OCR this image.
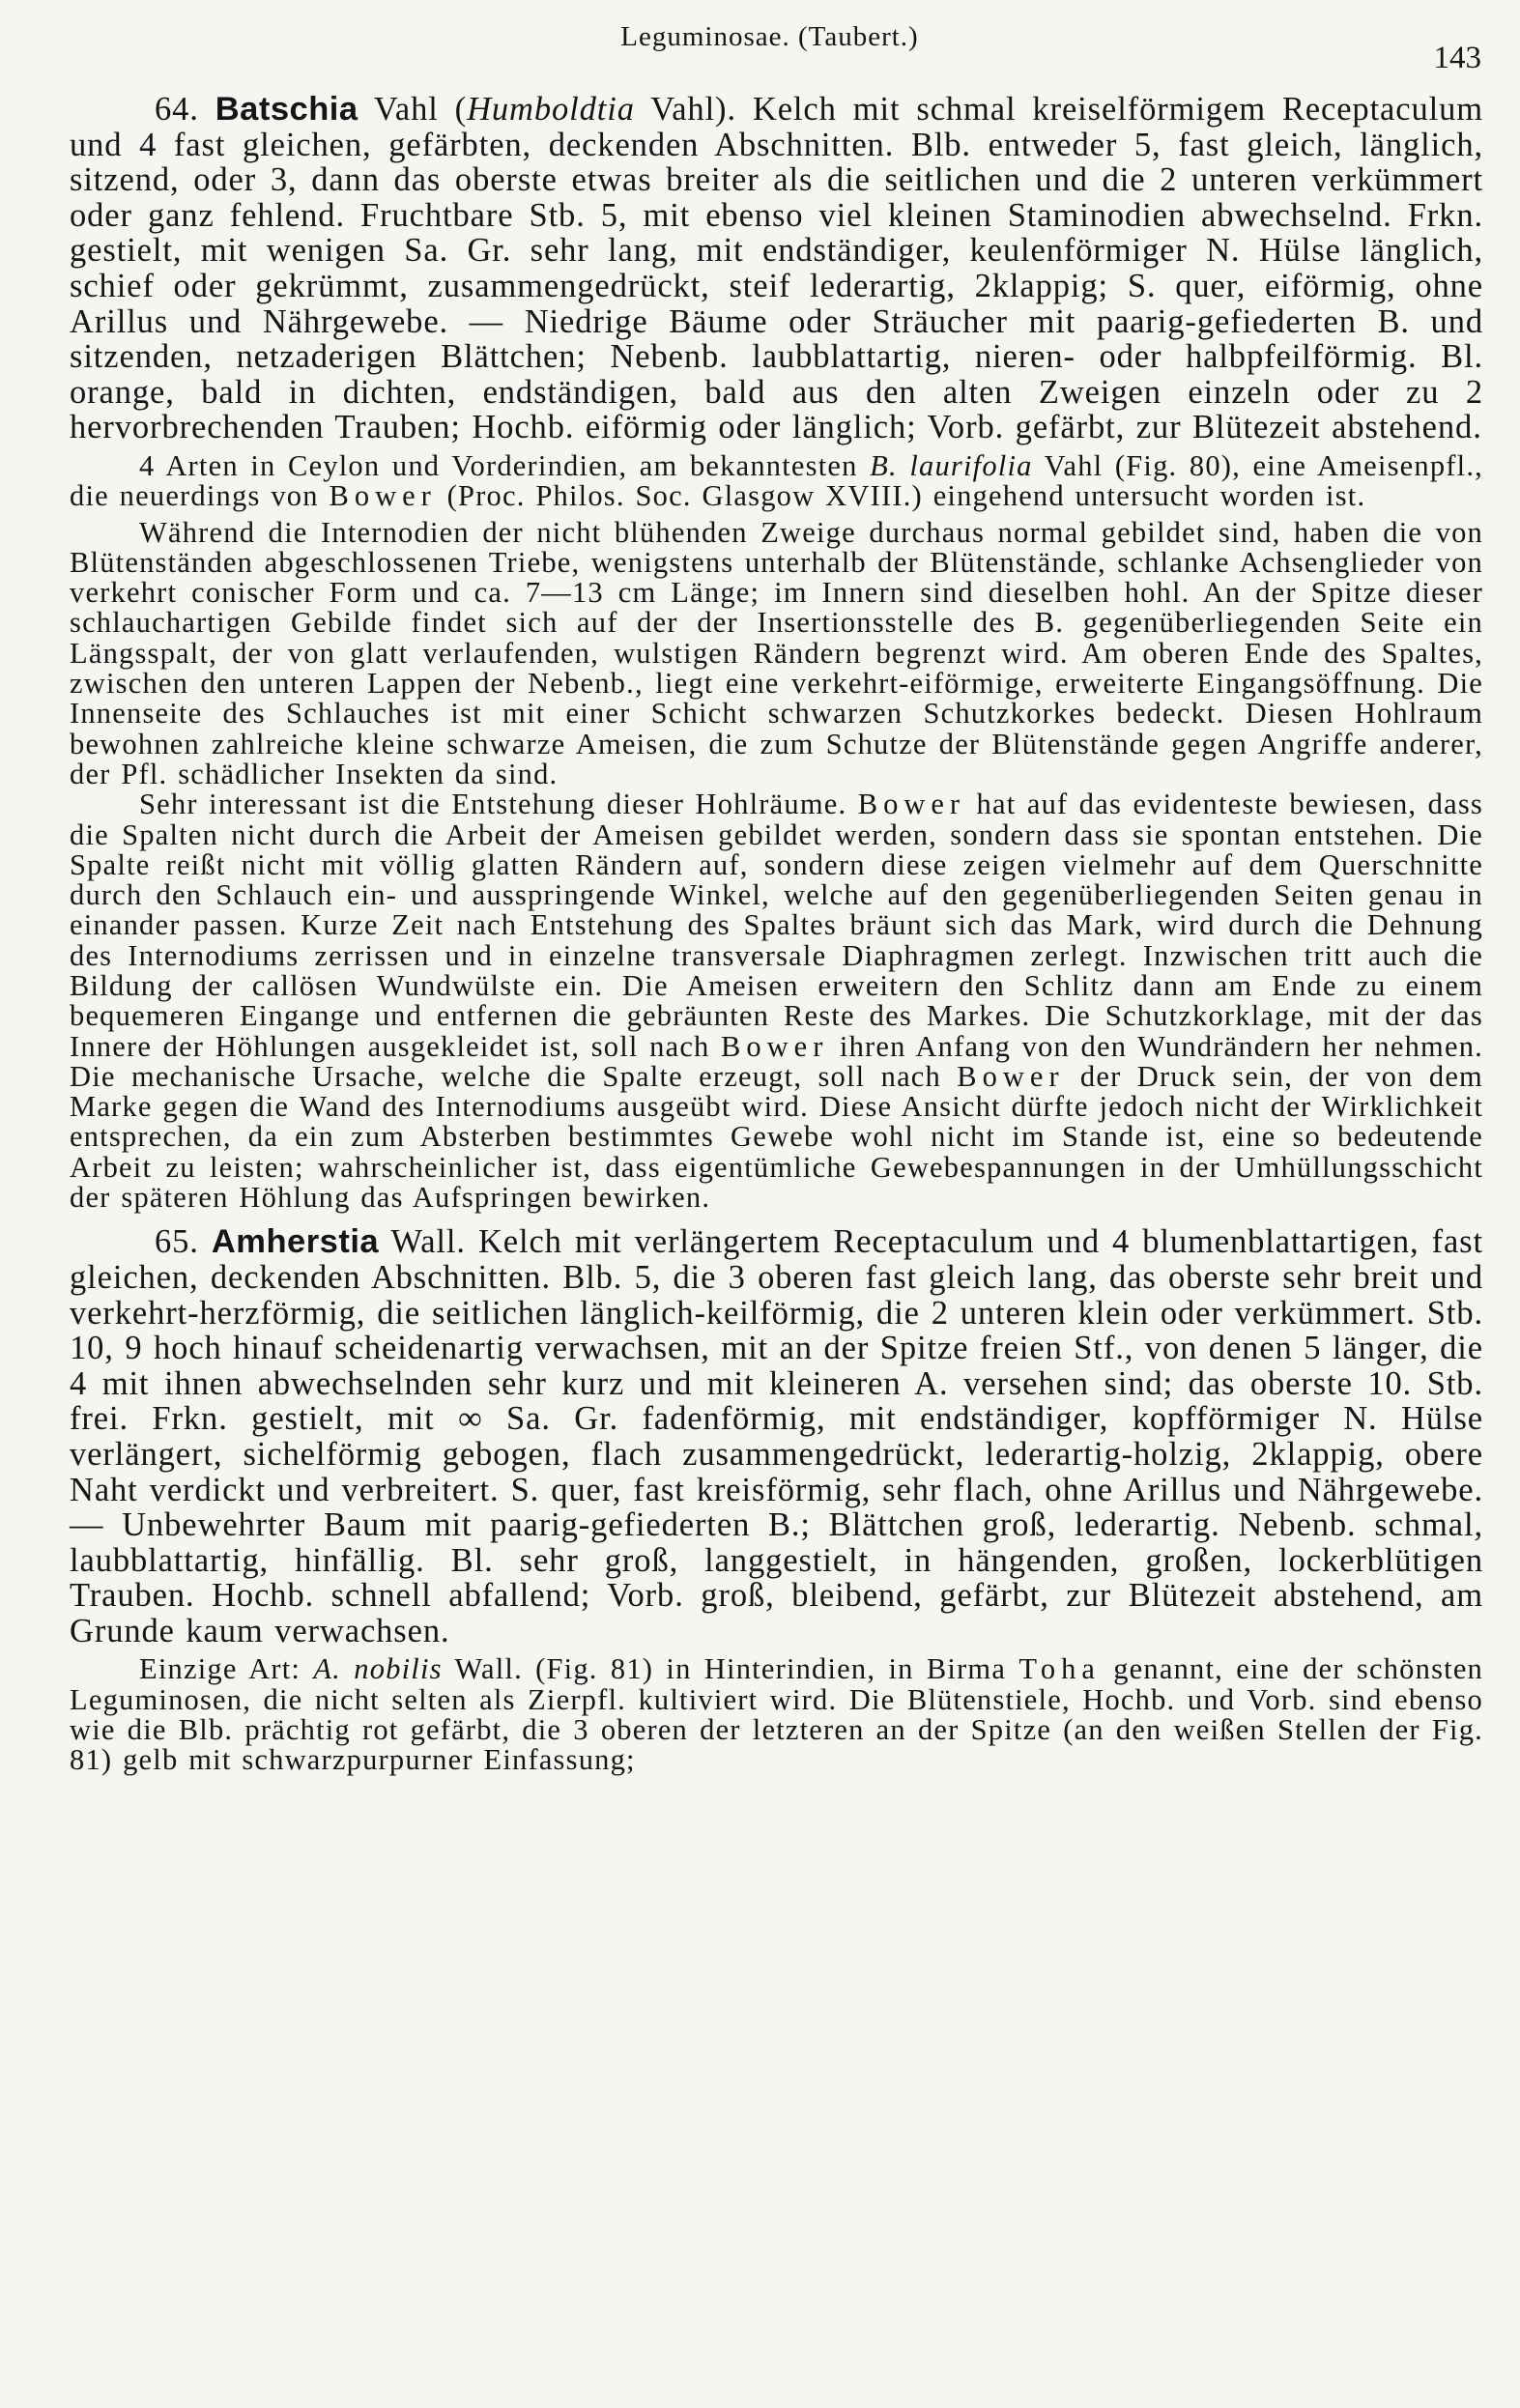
Leguminosae. (Taubert.)
143

64. Batschia Vahl (Humboldtia Vahl). Kelch mit schmal kreiselförmigem Receptaculum und 4 fast gleichen, gefärbten, deckenden Abschnitten. Blb. entweder 5, fast gleich, länglich, sitzend, oder 3, dann das oberste etwas breiter als die seitlichen und die 2 unteren verkümmert oder ganz fehlend. Fruchtbare Stb. 5, mit ebenso viel kleinen Staminodien abwechselnd. Frkn. gestielt, mit wenigen Sa. Gr. sehr lang, mit endständiger, keulenförmiger N. Hülse länglich, schief oder gekrümmt, zusammengedrückt, steif lederartig, 2klappig; S. quer, eiförmig, ohne Arillus und Nährgewebe. — Niedrige Bäume oder Sträucher mit paarig-gefiederten B. und sitzenden, netzaderigen Blättchen; Nebenb. laubblattartig, nieren- oder halbpfeilförmig. Bl. orange, bald in dichten, endständigen, bald aus den alten Zweigen einzeln oder zu 2 hervorbrechenden Trauben; Hochb. eiförmig oder länglich; Vorb. gefärbt, zur Blütezeit abstehend.

4 Arten in Ceylon und Vorderindien, am bekanntesten B. laurifolia Vahl (Fig. 80), eine Ameisenpfl., die neuerdings von Bower (Proc. Philos. Soc. Glasgow XVIII.) eingehend untersucht worden ist.

Während die Internodien der nicht blühenden Zweige durchaus normal gebildet sind, haben die von Blütenständen abgeschlossenen Triebe, wenigstens unterhalb der Blütenstände, schlanke Achsenglieder von verkehrt conischer Form und ca. 7—13 cm Länge; im Innern sind dieselben hohl. An der Spitze dieser schlauchartigen Gebilde findet sich auf der der Insertionsstelle des B. gegenüberliegenden Seite ein Längsspalt, der von glatt verlaufenden, wulstigen Rändern begrenzt wird. Am oberen Ende des Spaltes, zwischen den unteren Lappen der Nebenb., liegt eine verkehrt-eiförmige, erweiterte Eingangsöffnung. Die Innenseite des Schlauches ist mit einer Schicht schwarzen Schutzkorkes bedeckt. Diesen Hohlraum bewohnen zahlreiche kleine schwarze Ameisen, die zum Schutze der Blütenstände gegen Angriffe anderer, der Pfl. schädlicher Insekten da sind.

Sehr interessant ist die Entstehung dieser Hohlräume. Bower hat auf das evidenteste bewiesen, dass die Spalten nicht durch die Arbeit der Ameisen gebildet werden, sondern dass sie spontan entstehen. Die Spalte reißt nicht mit völlig glatten Rändern auf, sondern diese zeigen vielmehr auf dem Querschnitte durch den Schlauch ein- und ausspringende Winkel, welche auf den gegenüberliegenden Seiten genau in einander passen. Kurze Zeit nach Entstehung des Spaltes bräunt sich das Mark, wird durch die Dehnung des Internodiums zerrissen und in einzelne transversale Diaphragmen zerlegt. Inzwischen tritt auch die Bildung der callösen Wundwülste ein. Die Ameisen erweitern den Schlitz dann am Ende zu einem bequemeren Eingange und entfernen die gebräunten Reste des Markes. Die Schutzkorklage, mit der das Innere der Höhlungen ausgekleidet ist, soll nach Bower ihren Anfang von den Wundrändern her nehmen. Die mechanische Ursache, welche die Spalte erzeugt, soll nach Bower der Druck sein, der von dem Marke gegen die Wand des Internodiums ausgeübt wird. Diese Ansicht dürfte jedoch nicht der Wirklichkeit entsprechen, da ein zum Absterben bestimmtes Gewebe wohl nicht im Stande ist, eine so bedeutende Arbeit zu leisten; wahrscheinlicher ist, dass eigentümliche Gewebespannungen in der Umhüllungsschicht der späteren Höhlung das Aufspringen bewirken.

65. Amherstia Wall. Kelch mit verlängertem Receptaculum und 4 blumenblattartigen, fast gleichen, deckenden Abschnitten. Blb. 5, die 3 oberen fast gleich lang, das oberste sehr breit und verkehrt-herzförmig, die seitlichen länglich-keilförmig, die 2 unteren klein oder verkümmert. Stb. 10, 9 hoch hinauf scheidenartig verwachsen, mit an der Spitze freien Stf., von denen 5 länger, die 4 mit ihnen abwechselnden sehr kurz und mit kleineren A. versehen sind; das oberste 10. Stb. frei. Frkn. gestielt, mit ∞ Sa. Gr. fadenförmig, mit endständiger, kopfförmiger N. Hülse verlängert, sichelförmig gebogen, flach zusammengedrückt, lederartig-holzig, 2klappig, obere Naht verdickt und verbreitert. S. quer, fast kreisförmig, sehr flach, ohne Arillus und Nährgewebe. — Unbewehrter Baum mit paarig-gefiederten B.; Blättchen groß, lederartig. Nebenb. schmal, laubblattartig, hinfällig. Bl. sehr groß, langgestielt, in hängenden, großen, lockerblütigen Trauben. Hochb. schnell abfallend; Vorb. groß, bleibend, gefärbt, zur Blütezeit abstehend, am Grunde kaum verwachsen.

Einzige Art: A. nobilis Wall. (Fig. 81) in Hinterindien, in Birma Toha genannt, eine der schönsten Leguminosen, die nicht selten als Zierpfl. kultiviert wird. Die Blütenstiele, Hochb. und Vorb. sind ebenso wie die Blb. prächtig rot gefärbt, die 3 oberen der letzteren an der Spitze (an den weißen Stellen der Fig. 81) gelb mit schwarzpurpurner Einfassung;
